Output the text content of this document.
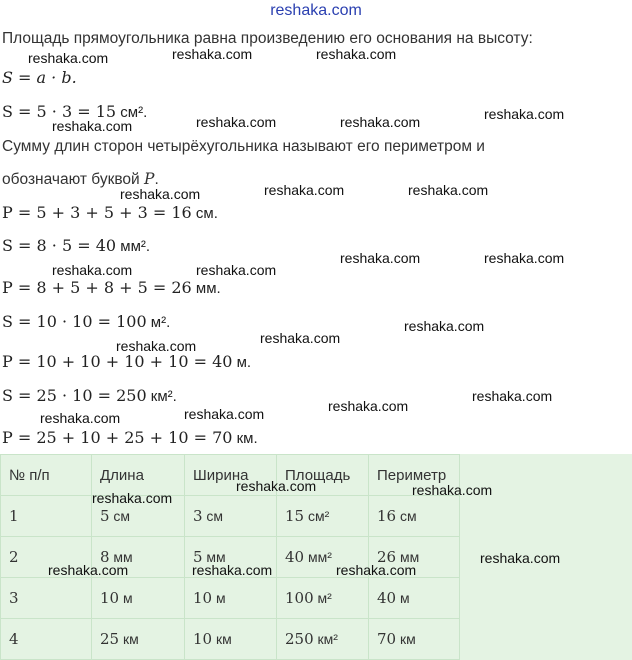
reshaka.com
Площадь прямоугольника равна произведению его основания на высоту:
S = a · b.
S = 5 · 3 = 15 см².
Сумму длин сторон четырёхугольника называют его периметром и
обозначают буквой P.
P = 5 + 3 + 5 + 3 = 16 см.
S = 8 · 5 = 40 мм².
P = 8 + 5 + 8 + 5 = 26 мм.
S = 10 · 10 = 100 м².
P = 10 + 10 + 10 + 10 = 40 м.
S = 25 · 10 = 250 км².
P = 25 + 10 + 25 + 10 = 70 км.
№ п/п	Длина	Ширина	Площадь	Периметр
1	5 см	3 см	15 см²	16 см
2	8 мм	5 мм	40 мм²	26 мм
3	10 м	10 м	100 м²	40 м
4	25 км	10 км	250 км²	70 км
reshaka.com	reshaka.com	reshaka.com
reshaka.com	reshaka.com	reshaka.com	reshaka.com
reshaka.com	reshaka.com	reshaka.com
reshaka.com	reshaka.com
reshaka.com	reshaka.com
reshaka.com
reshaka.com
reshaka.com
reshaka.com
reshaka.com
reshaka.com
reshaka.com
reshaka.com	reshaka.com
reshaka.com
reshaka.com
reshaka.com	reshaka.com	reshaka.com
